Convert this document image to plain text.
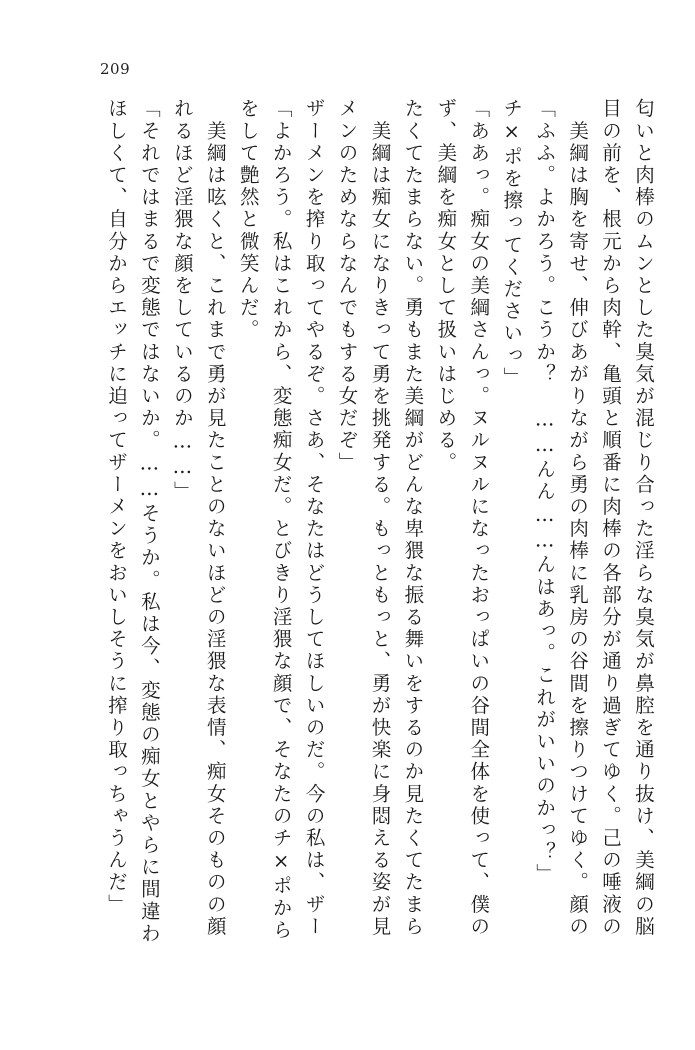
209
ほしくて、自分からエッチに迫ってザーメンをおいしそうに搾り取っちゃうんだ」 「それではまるで変態ではないか。……そうか。私は今、変態の痴女とやらに間違わ れるほど淫猥な顔をしているのか……」 　美綱は呟くと、これまで勇が見たことのないほどの淫猥な表情、痴女そのものの顔 をして艶然と微笑んだ。 「よかろう。私はこれから、変態痴女だ。とびきり淫猥な顔で、そなたのチ×ポから ザーメンを搾り取ってやるぞ。さあ、そなたはどうしてほしいのだ。今の私は、ザー メンのためならなんでもする女だぞ」 　美綱は痴女になりきって勇を挑発する。もっともっと、勇が快楽に身悶える姿が見 たくてたまらない。勇もまた美綱がどんな卑猥な振る舞いをするのか見たくてたまら ず、美綱を痴女として扱いはじめる。 「ああっ。痴女の美綱さんっ。ヌルヌルになったおっぱいの谷間全体を使って、僕の チ×ポを擦ってくださいっ」 「ふふ。よかろう。こうか？　……んん……んはあっ。これがいいのかっ？」 　美綱は胸を寄せ、伸びあがりながら勇の肉棒に乳房の谷間を擦りつけてゆく。顔の 目の前を、根元から肉幹、亀頭と順番に肉棒の各部分が通り過ぎてゆく。己の唾液の 匂いと肉棒のムンとした臭気が混じり合った淫らな臭気が鼻腔を通り抜け、美綱の脳
